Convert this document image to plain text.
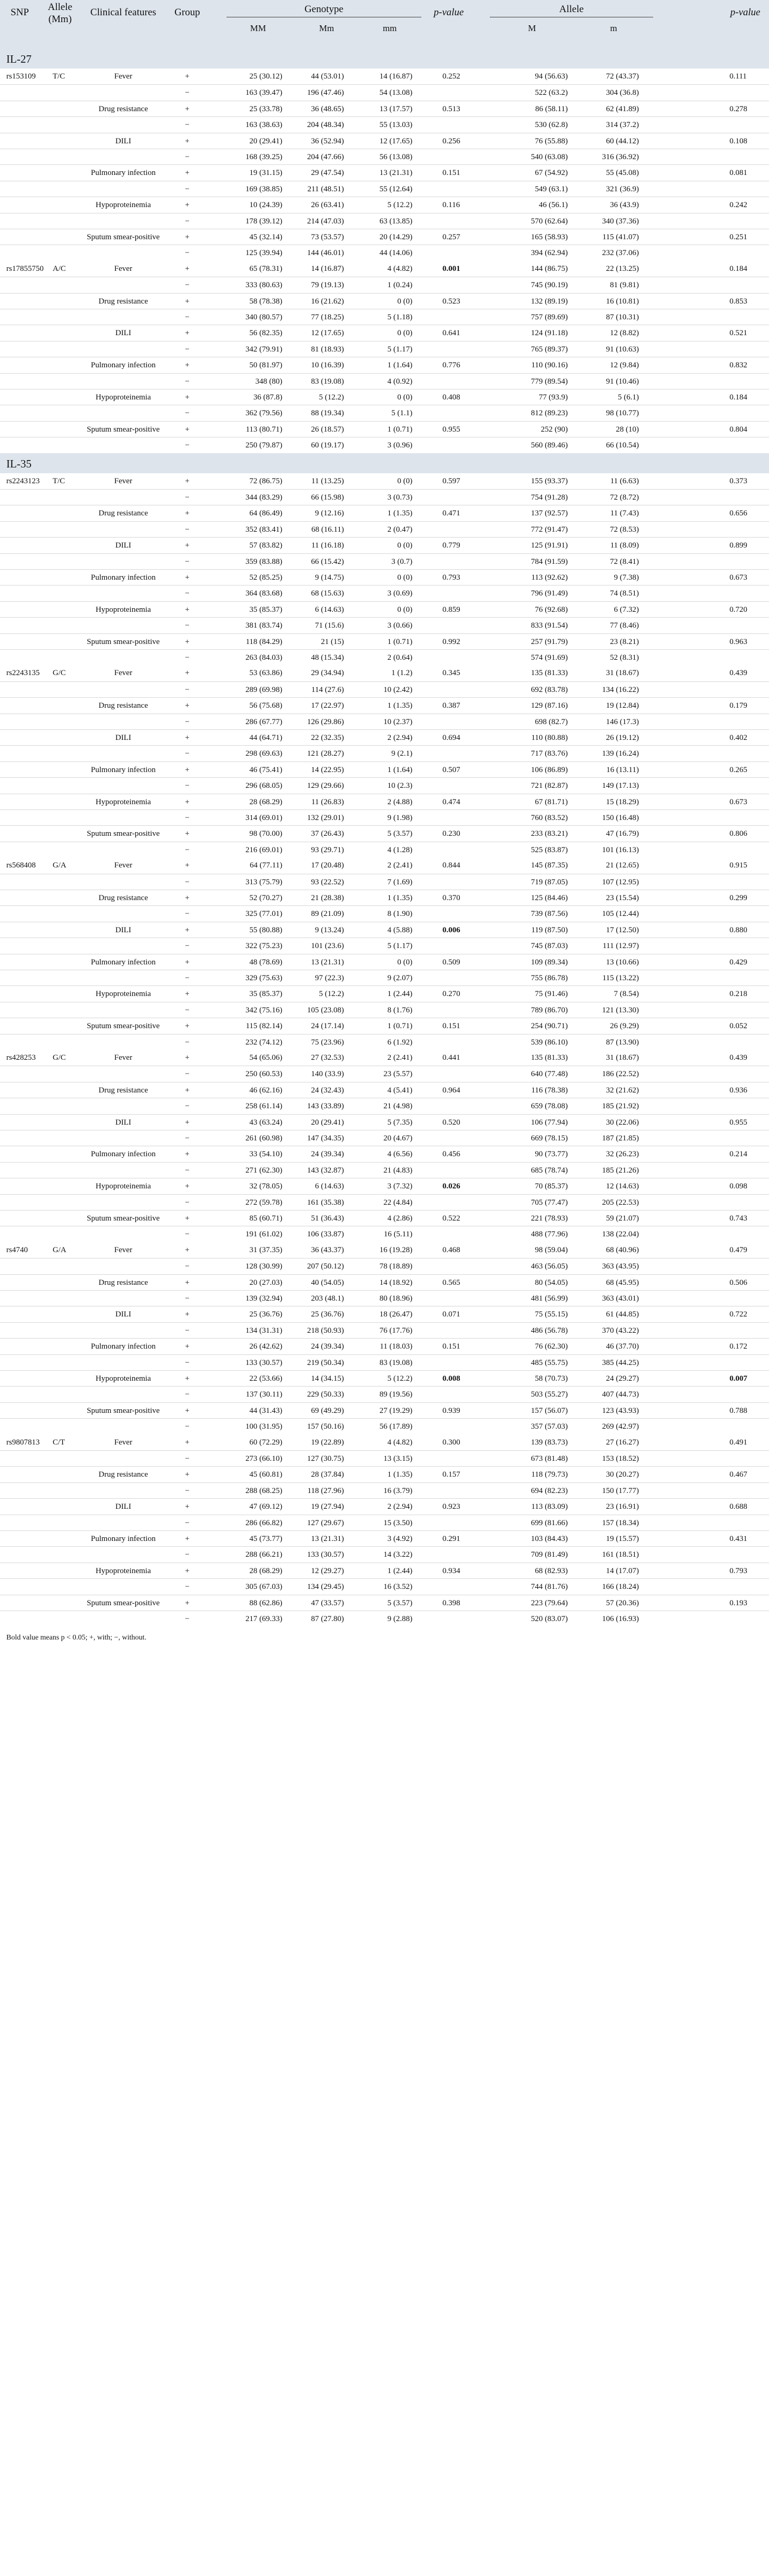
SNP	Allele
(Mm)
Clinical features	Group	Genotype
MM	Mm	mm
p-value	Allele
M	m
p-value
IL-27
rs153109 T/C	Fever	+	25 (30.12)	44 (53.01)	14 (16.87)	0.252	94 (56.63)	72 (43.37)	0.111
−	163 (39.47)	196 (47.46)	54 (13.08)	522 (63.2)	304 (36.8)
Drug resistance	+	25 (33.78)	36 (48.65)	13 (17.57)	0.513	86 (58.11)	62 (41.89)	0.278
−	163 (38.63)	204 (48.34)	55 (13.03)	530 (62.8)	314 (37.2)
DILI	+	20 (29.41)	36 (52.94)	12 (17.65)	0.256	76 (55.88)	60 (44.12)	0.108
−	168 (39.25)	204 (47.66)	56 (13.08)	540 (63.08)	316 (36.92)
Pulmonary infection	+	19 (31.15)	29 (47.54)	13 (21.31)	0.151	67 (54.92)	55 (45.08)	0.081
−	169 (38.85)	211 (48.51)	55 (12.64)	549 (63.1)	321 (36.9)
Hypoproteinemia	+	10 (24.39)	26 (63.41)	5 (12.2)	0.116	46 (56.1)	36 (43.9)	0.242
−	178 (39.12)	214 (47.03)	63 (13.85)	570 (62.64)	340 (37.36)
Sputum smear-positive	+	45 (32.14)	73 (53.57)	20 (14.29)	0.257	165 (58.93)	115 (41.07)	0.251
−	125 (39.94)	144 (46.01)	44 (14.06)	394 (62.94)	232 (37.06)
rs17855750 A/C	Fever	+	65 (78.31)	14 (16.87)	4 (4.82)	0.001	144 (86.75)	22 (13.25)	0.184
−	333 (80.63)	79 (19.13)	1 (0.24)	745 (90.19)	81 (9.81)
Drug resistance	+	58 (78.38)	16 (21.62)	0 (0)	0.523	132 (89.19)	16 (10.81)	0.853
−	340 (80.57)	77 (18.25)	5 (1.18)	757 (89.69)	87 (10.31)
DILI	+	56 (82.35)	12 (17.65)	0 (0)	0.641	124 (91.18)	12 (8.82)	0.521
−	342 (79.91)	81 (18.93)	5 (1.17)	765 (89.37)	91 (10.63)
Pulmonary infection	+	50 (81.97)	10 (16.39)	1 (1.64)	0.776	110 (90.16)	12 (9.84)	0.832
−	348 (80)	83 (19.08)	4 (0.92)	779 (89.54)	91 (10.46)
Hypoproteinemia	+	36 (87.8)	5 (12.2)	0 (0)	0.408	77 (93.9)	5 (6.1)	0.184
−	362 (79.56)	88 (19.34)	5 (1.1)	812 (89.23)	98 (10.77)
Sputum smear-positive	+	113 (80.71)	26 (18.57)	1 (0.71)	0.955	252 (90)	28 (10)	0.804
−	250 (79.87)	60 (19.17)	3 (0.96)	560 (89.46)	66 (10.54)
IL-35
rs2243123 T/C	Fever	+	72 (86.75)	11 (13.25)	0 (0)	0.597	155 (93.37)	11 (6.63)	0.373
−	344 (83.29)	66 (15.98)	3 (0.73)	754 (91.28)	72 (8.72)
Drug resistance	+	64 (86.49)	9 (12.16)	1 (1.35)	0.471	137 (92.57)	11 (7.43)	0.656
−	352 (83.41)	68 (16.11)	2 (0.47)	772 (91.47)	72 (8.53)
DILI	+	57 (83.82)	11 (16.18)	0 (0)	0.779	125 (91.91)	11 (8.09)	0.899
−	359 (83.88)	66 (15.42)	3 (0.7)	784 (91.59)	72 (8.41)
Pulmonary infection	+	52 (85.25)	9 (14.75)	0 (0)	0.793	113 (92.62)	9 (7.38)	0.673
−	364 (83.68)	68 (15.63)	3 (0.69)	796 (91.49)	74 (8.51)
Hypoproteinemia	+	35 (85.37)	6 (14.63)	0 (0)	0.859	76 (92.68)	6 (7.32)	0.720
−	381 (83.74)	71 (15.6)	3 (0.66)	833 (91.54)	77 (8.46)
Sputum smear-positive	+	118 (84.29)	21 (15)	1 (0.71)	0.992	257 (91.79)	23 (8.21)	0.963
−	263 (84.03)	48 (15.34)	2 (0.64)	574 (91.69)	52 (8.31)
rs2243135 G/C	Fever	+	53 (63.86)	29 (34.94)	1 (1.2)	0.345	135 (81.33)	31 (18.67)	0.439
−	289 (69.98)	114 (27.6)	10 (2.42)	692 (83.78)	134 (16.22)
Drug resistance	+	56 (75.68)	17 (22.97)	1 (1.35)	0.387	129 (87.16)	19 (12.84)	0.179
−	286 (67.77)	126 (29.86)	10 (2.37)	698 (82.7)	146 (17.3)
DILI	+	44 (64.71)	22 (32.35)	2 (2.94)	0.694	110 (80.88)	26 (19.12)	0.402
−	298 (69.63)	121 (28.27)	9 (2.1)	717 (83.76)	139 (16.24)
Pulmonary infection	+	46 (75.41)	14 (22.95)	1 (1.64)	0.507	106 (86.89)	16 (13.11)	0.265
−	296 (68.05)	129 (29.66)	10 (2.3)	721 (82.87)	149 (17.13)
Hypoproteinemia	+	28 (68.29)	11 (26.83)	2 (4.88)	0.474	67 (81.71)	15 (18.29)	0.673
−	314 (69.01)	132 (29.01)	9 (1.98)	760 (83.52)	150 (16.48)
Sputum smear-positive	+	98 (70.00)	37 (26.43)	5 (3.57)	0.230	233 (83.21)	47 (16.79)	0.806
−	216 (69.01)	93 (29.71)	4 (1.28)	525 (83.87)	101 (16.13)
rs568408 G/A	Fever	+	64 (77.11)	17 (20.48)	2 (2.41)	0.844	145 (87.35)	21 (12.65)	0.915
−	313 (75.79)	93 (22.52)	7 (1.69)	719 (87.05)	107 (12.95)
Drug resistance	+	52 (70.27)	21 (28.38)	1 (1.35)	0.370	125 (84.46)	23 (15.54)	0.299
−	325 (77.01)	89 (21.09)	8 (1.90)	739 (87.56)	105 (12.44)
DILI	+	55 (80.88)	9 (13.24)	4 (5.88)	0.006	119 (87.50)	17 (12.50)	0.880
−	322 (75.23)	101 (23.6)	5 (1.17)	745 (87.03)	111 (12.97)
Pulmonary infection	+	48 (78.69)	13 (21.31)	0 (0)	0.509	109 (89.34)	13 (10.66)	0.429
−	329 (75.63)	97 (22.3)	9 (2.07)	755 (86.78)	115 (13.22)
Hypoproteinemia	+	35 (85.37)	5 (12.2)	1 (2.44)	0.270	75 (91.46)	7 (8.54)	0.218
−	342 (75.16)	105 (23.08)	8 (1.76)	789 (86.70)	121 (13.30)
Sputum smear-positive	+	115 (82.14)	24 (17.14)	1 (0.71)	0.151	254 (90.71)	26 (9.29)	0.052
−	232 (74.12)	75 (23.96)	6 (1.92)	539 (86.10)	87 (13.90)
rs428253 G/C	Fever	+	54 (65.06)	27 (32.53)	2 (2.41)	0.441	135 (81.33)	31 (18.67)	0.439
−	250 (60.53)	140 (33.9)	23 (5.57)	640 (77.48)	186 (22.52)
Drug resistance	+	46 (62.16)	24 (32.43)	4 (5.41)	0.964	116 (78.38)	32 (21.62)	0.936
−	258 (61.14)	143 (33.89)	21 (4.98)	659 (78.08)	185 (21.92)
DILI	+	43 (63.24)	20 (29.41)	5 (7.35)	0.520	106 (77.94)	30 (22.06)	0.955
−	261 (60.98)	147 (34.35)	20 (4.67)	669 (78.15)	187 (21.85)
Pulmonary infection	+	33 (54.10)	24 (39.34)	4 (6.56)	0.456	90 (73.77)	32 (26.23)	0.214
−	271 (62.30)	143 (32.87)	21 (4.83)	685 (78.74)	185 (21.26)
Hypoproteinemia	+	32 (78.05)	6 (14.63)	3 (7.32)	0.026	70 (85.37)	12 (14.63)	0.098
−	272 (59.78)	161 (35.38)	22 (4.84)	705 (77.47)	205 (22.53)
Sputum smear-positive	+	85 (60.71)	51 (36.43)	4 (2.86)	0.522	221 (78.93)	59 (21.07)	0.743
−	191 (61.02)	106 (33.87)	16 (5.11)	488 (77.96)	138 (22.04)
rs4740	G/A	Fever	+	31 (37.35)	36 (43.37)	16 (19.28)	0.468	98 (59.04)	68 (40.96)	0.479
−	128 (30.99)	207 (50.12)	78 (18.89)	463 (56.05)	363 (43.95)
Drug resistance	+	20 (27.03)	40 (54.05)	14 (18.92)	0.565	80 (54.05)	68 (45.95)	0.506
−	139 (32.94)	203 (48.1)	80 (18.96)	481 (56.99)	363 (43.01)
DILI	+	25 (36.76)	25 (36.76)	18 (26.47)	0.071	75 (55.15)	61 (44.85)	0.722
−	134 (31.31)	218 (50.93)	76 (17.76)	486 (56.78)	370 (43.22)
Pulmonary infection	+	26 (42.62)	24 (39.34)	11 (18.03)	0.151	76 (62.30)	46 (37.70)	0.172
−	133 (30.57)	219 (50.34)	83 (19.08)	485 (55.75)	385 (44.25)
Hypoproteinemia	+	22 (53.66)	14 (34.15)	5 (12.2)	0.008	58 (70.73)	24 (29.27)	0.007
−	137 (30.11)	229 (50.33)	89 (19.56)	503 (55.27)	407 (44.73)
Sputum smear-positive	+	44 (31.43)	69 (49.29)	27 (19.29)	0.939	157 (56.07)	123 (43.93)	0.788
−	100 (31.95)	157 (50.16)	56 (17.89)	357 (57.03)	269 (42.97)
rs9807813 C/T	Fever	+	60 (72.29)	19 (22.89)	4 (4.82)	0.300	139 (83.73)	27 (16.27)	0.491
−	273 (66.10)	127 (30.75)	13 (3.15)	673 (81.48)	153 (18.52)
Drug resistance	+	45 (60.81)	28 (37.84)	1 (1.35)	0.157	118 (79.73)	30 (20.27)	0.467
−	288 (68.25)	118 (27.96)	16 (3.79)	694 (82.23)	150 (17.77)
DILI	+	47 (69.12)	19 (27.94)	2 (2.94)	0.923	113 (83.09)	23 (16.91)	0.688
−	286 (66.82)	127 (29.67)	15 (3.50)	699 (81.66)	157 (18.34)
Pulmonary infection	+	45 (73.77)	13 (21.31)	3 (4.92)	0.291	103 (84.43)	19 (15.57)	0.431
−	288 (66.21)	133 (30.57)	14 (3.22)	709 (81.49)	161 (18.51)
Hypoproteinemia	+	28 (68.29)	12 (29.27)	1 (2.44)	0.934	68 (82.93)	14 (17.07)	0.793
−	305 (67.03)	134 (29.45)	16 (3.52)	744 (81.76)	166 (18.24)
Sputum smear-positive	+	88 (62.86)	47 (33.57)	5 (3.57)	0.398	223 (79.64)	57 (20.36)	0.193
−	217 (69.33)	87 (27.80)	9 (2.88)	520 (83.07)	106 (16.93)
Bold value means p < 0.05; +, with; −, without.
